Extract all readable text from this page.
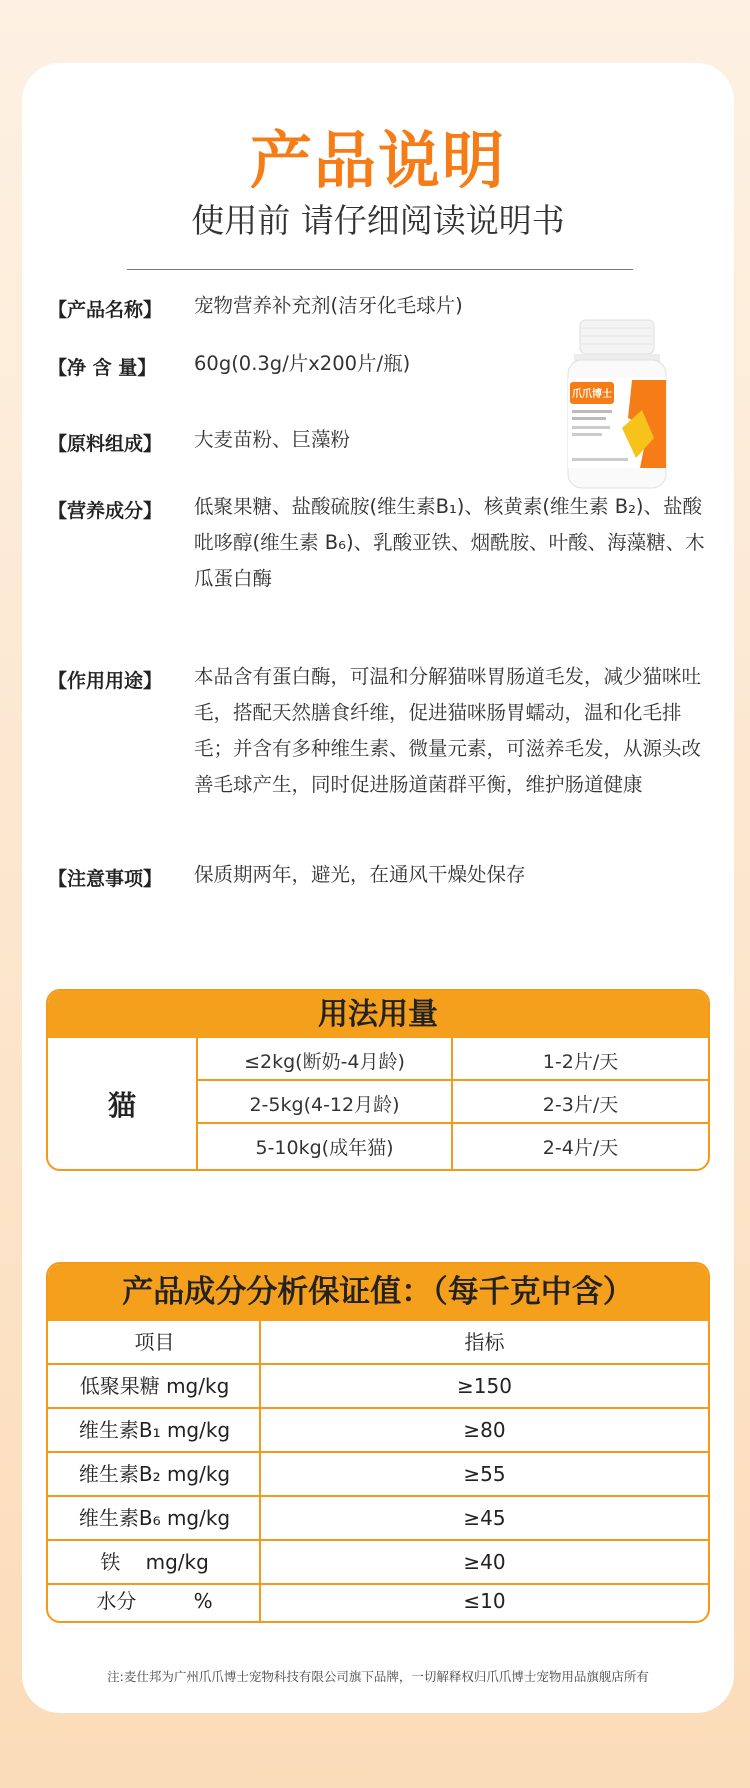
产品说明
使用前 请仔细阅读说明书
【产品名称】 宠物营养补充剂(洁牙化毛球片)
【净 含 量】 60g(0.3g/片x200片/瓶)
【原料组成】 大麦苗粉、巨藻粉
【营养成分】 低聚果糖、盐酸硫胺(维生素B₁)、核黄素(维生素 B₂)、盐酸吡哆醇(维生素 B₆)、乳酸亚铁、烟酰胺、叶酸、海藻糖、木瓜蛋白酶
【作用用途】 本品含有蛋白酶，可温和分解猫咪胃肠道毛发，减少猫咪吐毛，搭配天然膳食纤维，促进猫咪肠胃蠕动，温和化毛排毛；并含有多种维生素、微量元素，可滋养毛发，从源头改善毛球产生，同时促进肠道菌群平衡，维护肠道健康
【注意事项】 保质期两年，避光，在通风干燥处保存
爪爪博士
用法用量
猫
≤2kg(断奶-4月龄)	1-2片/天
2-5kg(4-12月龄)	2-3片/天
5-10kg(成年猫)	2-4片/天
产品成分分析保证值：（每千克中含）
项目	指标
低聚果糖 mg/kg	≥150
维生素B₁ mg/kg	≥80
维生素B₂ mg/kg	≥55
维生素B₆ mg/kg	≥45
铁    mg/kg	≥40
水分         %	≤10
注:麦仕邦为广州爪爪博士宠物科技有限公司旗下品牌，一切解释权归爪爪博士宠物用品旗舰店所有
